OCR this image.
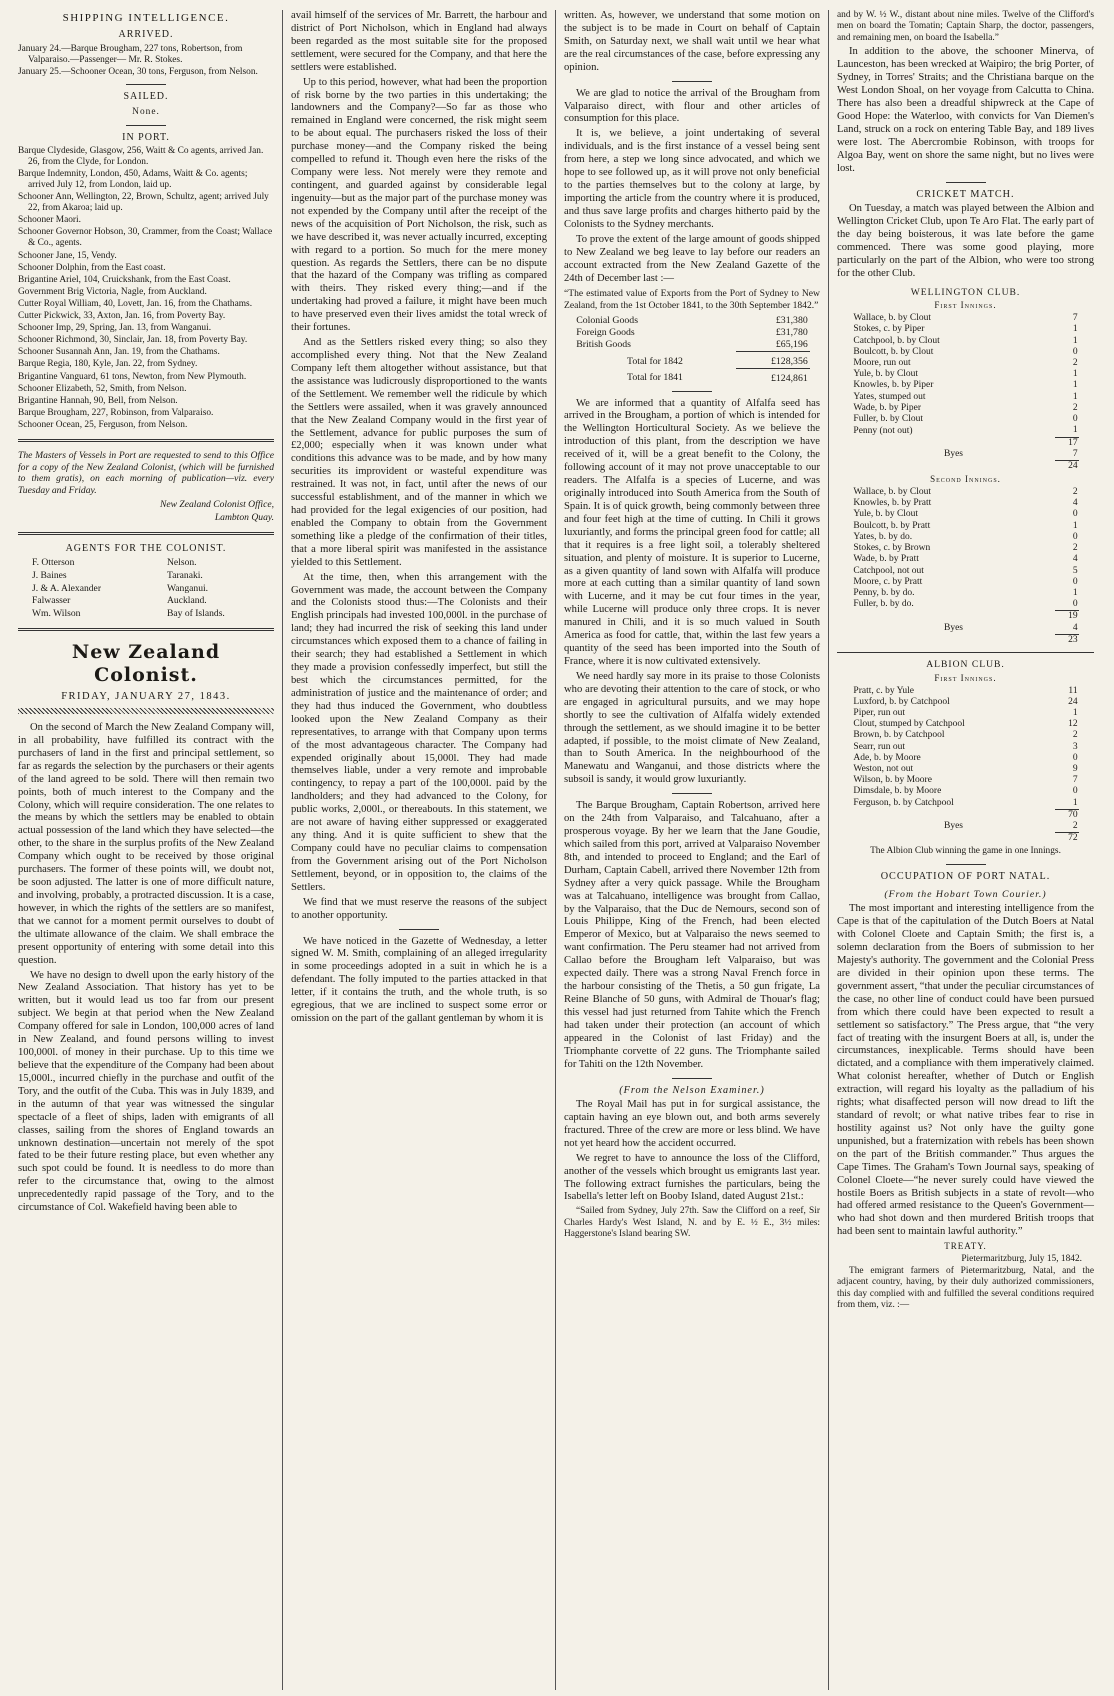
SHIPPING INTELLIGENCE.
ARRIVED.
January 24.—Barque Brougham, 227 tons, Robertson, from Valparaiso.—Passenger— Mr. R. Stokes.
January 25.—Schooner Ocean, 30 tons, Ferguson, from Nelson.
SAILED.
None.
IN PORT.
Barque Clydeside, Glasgow, 256, Waitt & Co agents, arrived Jan. 26, from the Clyde, for London.
Barque Indemnity, London, 450, Adams, Waitt & Co. agents; arrived July 12, from London, laid up.
Schooner Ann, Wellington, 22, Brown, Schultz, agent; arrived July 22, from Akaroa; laid up.
Schooner Maori.
Schooner Governor Hobson, 30, Crammer, from the Coast; Wallace & Co., agents.
Schooner Jane, 15, Vendy.
Schooner Dolphin, from the East coast.
Brigantine Ariel, 104, Cruickshank, from the East Coast.
Government Brig Victoria, Nagle, from Auckland.
Cutter Royal William, 40, Lovett, Jan. 16, from the Chathams.
Cutter Pickwick, 33, Axton, Jan. 16, from Poverty Bay.
Schooner Imp, 29, Spring, Jan. 13, from Wanganui.
Schooner Richmond, 30, Sinclair, Jan. 18, from Poverty Bay.
Schooner Susannah Ann, Jan. 19, from the Chathams.
Barque Regia, 180, Kyle, Jan. 22, from Sydney.
Brigantine Vanguard, 61 tons, Newton, from New Plymouth.
Schooner Elizabeth, 52, Smith, from Nelson.
Brigantine Hannah, 90, Bell, from Nelson.
Barque Brougham, 227, Robinson, from Valparaiso.
Schooner Ocean, 25, Ferguson, from Nelson.
The Masters of Vessels in Port are requested to send to this Office for a copy of the New Zealand Colonist, (which will be furnished to them gratis), on each morning of publication—viz. every Tuesday and Friday.
New Zealand Colonist Office,
Lambton Quay.
AGENTS FOR THE COLONIST.
F. Otterson	Nelson.
J. Baines	Taranaki.
J. & A. Alexander	Wanganui.
Falwasser	Auckland.
Wm. Wilson	Bay of Islands.
New Zealand Colonist.
FRIDAY, JANUARY 27, 1843.

On the second of March the New Zealand Company will, in all probability, have fulfilled its contract with the purchasers of land in the first and principal settlement, so far as regards the selection by the purchasers or their agents of the land agreed to be sold. There will then remain two points, both of much interest to the Company and the Colony, which will require consideration. The one relates to the means by which the settlers may be enabled to obtain actual possession of the land which they have selected—the other, to the share in the surplus profits of the New Zealand Company which ought to be received by those original purchasers. The former of these points will, we doubt not, be soon adjusted. The latter is one of more difficult nature, and involving, probably, a protracted discussion. It is a case, however, in which the rights of the settlers are so manifest, that we cannot for a moment permit ourselves to doubt of the ultimate allowance of the claim. We shall embrace the present opportunity of entering with some detail into this question.

We have no design to dwell upon the early history of the New Zealand Association. That history has yet to be written, but it would lead us too far from our present subject. We begin at that period when the New Zealand Company offered for sale in London, 100,000 acres of land in New Zealand, and found persons willing to invest 100,000l. of money in their purchase. Up to this time we believe that the expenditure of the Company had been about 15,000l., incurred chiefly in the purchase and outfit of the Tory, and the outfit of the Cuba. This was in July 1839, and in the autumn of that year was witnessed the singular spectacle of a fleet of ships, laden with emigrants of all classes, sailing from the shores of England towards an unknown destination—uncertain not merely of the spot fated to be their future resting place, but even whether any such spot could be found. It is needless to do more than refer to the circumstance that, owing to the almost unprecedentedly rapid passage of the Tory, and to the circumstance of Col. Wakefield having been able to

avail himself of the services of Mr. Barrett, the harbour and district of Port Nicholson, which in England had always been regarded as the most suitable site for the proposed settlement, were secured for the Company, and that here the settlers were established.

Up to this period, however, what had been the proportion of risk borne by the two parties in this undertaking; the landowners and the Company?—So far as those who remained in England were concerned, the risk might seem to be about equal. The purchasers risked the loss of their purchase money—and the Company risked the being compelled to refund it. Though even here the risks of the Company were less. Not merely were they remote and contingent, and guarded against by considerable legal ingenuity—but as the major part of the purchase money was not expended by the Company until after the receipt of the news of the acquisition of Port Nicholson, the risk, such as we have described it, was never actually incurred, excepting with regard to a portion. So much for the mere money question. As regards the Settlers, there can be no dispute that the hazard of the Company was trifling as compared with theirs. They risked every thing;—and if the undertaking had proved a failure, it might have been much to have preserved even their lives amidst the total wreck of their fortunes.

And as the Settlers risked every thing; so also they accomplished every thing. Not that the New Zealand Company left them altogether without assistance, but that the assistance was ludicrously disproportioned to the wants of the Settlement. We remember well the ridicule by which the Settlers were assailed, when it was gravely announced that the New Zealand Company would in the first year of the Settlement, advance for public purposes the sum of £2,000; especially when it was known under what conditions this advance was to be made, and by how many securities its improvident or wasteful expenditure was restrained. It was not, in fact, until after the news of our successful establishment, and of the manner in which we had provided for the legal exigencies of our position, had enabled the Company to obtain from the Government something like a pledge of the confirmation of their titles, that a more liberal spirit was manifested in the assistance yielded to this Settlement.

At the time, then, when this arrangement with the Government was made, the account between the Company and the Colonists stood thus:—The Colonists and their English principals had invested 100,000l. in the purchase of land; they had incurred the risk of seeking this land under circumstances which exposed them to a chance of failing in their search; they had established a Settlement in which they made a provision confessedly imperfect, but still the best which the circumstances permitted, for the administration of justice and the maintenance of order; and they had thus induced the Government, who doubtless looked upon the New Zealand Company as their representatives, to arrange with that Company upon terms of the most advantageous character. The Company had expended originally about 15,000l. They had made themselves liable, under a very remote and improbable contingency, to repay a part of the 100,000l. paid by the landholders; and they had advanced to the Colony, for public works, 2,000l., or thereabouts. In this statement, we are not aware of having either suppressed or exaggerated any thing. And it is quite sufficient to shew that the Company could have no peculiar claims to compensation from the Government arising out of the Port Nicholson Settlement, beyond, or in opposition to, the claims of the Settlers.

We find that we must reserve the reasons of the subject to another opportunity.

We have noticed in the Gazette of Wednesday, a letter signed W. M. Smith, complaining of an alleged irregularity in some proceedings adopted in a suit in which he is a defendant. The folly imputed to the parties attacked in that letter, if it contains the truth, and the whole truth, is so egregious, that we are inclined to suspect some error or omission on the part of the gallant gentleman by whom it is

written. As, however, we understand that some motion on the subject is to be made in Court on behalf of Captain Smith, on Saturday next, we shall wait until we hear what are the real circumstances of the case, before expressing any opinion.

We are glad to notice the arrival of the Brougham from Valparaiso direct, with flour and other articles of consumption for this place.

It is, we believe, a joint undertaking of several individuals, and is the first instance of a vessel being sent from here, a step we long since advocated, and which we hope to see followed up, as it will prove not only beneficial to the parties themselves but to the colony at large, by importing the article from the country where it is produced, and thus save large profits and charges hitherto paid by the Colonists to the Sydney merchants.

To prove the extent of the large amount of goods shipped to New Zealand we beg leave to lay before our readers an account extracted from the New Zealand Gazette of the 24th of December last :—

“The estimated value of Exports from the Port of Sydney to New Zealand, from the 1st October 1841, to the 30th September 1842.”
Colonial Goods	£31,380
Foreign Goods	£31,780
British Goods	£65,196
Total for 1842	£128,356
Total for 1841	£124,861

We are informed that a quantity of Alfalfa seed has arrived in the Brougham, a portion of which is intended for the Wellington Horticultural Society. As we believe the introduction of this plant, from the description we have received of it, will be a great benefit to the Colony, the following account of it may not prove unacceptable to our readers. The Alfalfa is a species of Lucerne, and was originally introduced into South America from the South of Spain. It is of quick growth, being commonly between three and four feet high at the time of cutting. In Chili it grows luxuriantly, and forms the principal green food for cattle; all that it requires is a free light soil, a tolerably sheltered situation, and plenty of moisture. It is superior to Lucerne, as a given quantity of land sown with Alfalfa will produce more at each cutting than a similar quantity of land sown with Lucerne, and it may be cut four times in the year, while Lucerne will produce only three crops. It is never manured in Chili, and it is so much valued in South America as food for cattle, that, within the last few years a quantity of the seed has been imported into the South of France, where it is now cultivated extensively.

We need hardly say more in its praise to those Colonists who are devoting their attention to the care of stock, or who are engaged in agricultural pursuits, and we may hope shortly to see the cultivation of Alfalfa widely extended through the settlement, as we should imagine it to be better adapted, if possible, to the moist climate of New Zealand, than to South America. In the neighbourhood of the Manewatu and Wanganui, and those districts where the subsoil is sandy, it would grow luxuriantly.

The Barque Brougham, Captain Robertson, arrived here on the 24th from Valparaiso, and Talcahuano, after a prosperous voyage. By her we learn that the Jane Goudie, which sailed from this port, arrived at Valparaiso November 8th, and intended to proceed to England; and the Earl of Durham, Captain Cabell, arrived there November 12th from Sydney after a very quick passage. While the Brougham was at Talcahuano, intelligence was brought from Callao, by the Valparaiso, that the Duc de Nemours, second son of Louis Philippe, King of the French, had been elected Emperor of Mexico, but at Valparaiso the news seemed to want confirmation. The Peru steamer had not arrived from Callao before the Brougham left Valparaiso, but was expected daily. There was a strong Naval French force in the harbour consisting of the Thetis, a 50 gun frigate, La Reine Blanche of 50 guns, with Admiral de Thouar's flag; this vessel had just returned from Tahite which the French had taken under their protection (an account of which appeared in the Colonist of last Friday) and the Triomphante corvette of 22 guns. The Triomphante sailed for Tahiti on the 12th November.

(From the Nelson Examiner.)

The Royal Mail has put in for surgical assistance, the captain having an eye blown out, and both arms severely fractured. Three of the crew are more or less blind. We have not yet heard how the accident occurred.

We regret to have to announce the loss of the Clifford, another of the vessels which brought us emigrants last year. The following extract furnishes the particulars, being the Isabella's letter left on Booby Island, dated August 21st.:

“Sailed from Sydney, July 27th. Saw the Clifford on a reef, Sir Charles Hardy's West Island, N. and by E. ½ E., 3½ miles: Haggerstone's Island bearing SW.

and by W. ½ W., distant about nine miles. Twelve of the Clifford's men on board the Tomatin; Captain Sharp, the doctor, passengers, and remaining men, on board the Isabella.”

In addition to the above, the schooner Minerva, of Launceston, has been wrecked at Waipiro; the brig Porter, of Sydney, in Torres' Straits; and the Christiana barque on the West London Shoal, on her voyage from Calcutta to China. There has also been a dreadful shipwreck at the Cape of Good Hope: the Waterloo, with convicts for Van Diemen's Land, struck on a rock on entering Table Bay, and 189 lives were lost. The Abercrombie Robinson, with troops for Algoa Bay, went on shore the same night, but no lives were lost.

CRICKET MATCH.

On Tuesday, a match was played between the Albion and Wellington Cricket Club, upon Te Aro Flat. The early part of the day being boisterous, it was late before the game commenced. There was some good playing, more particularly on the part of the Albion, who were too strong for the other Club.

WELLINGTON CLUB.
First Innings.
Wallace, b. by Clout	7
Stokes, c. by Piper	1
Catchpool, b. by Clout	1
Boulcott, b. by Clout	0
Moore, run out	2
Yule, b. by Clout	1
Knowles, b. by Piper	1
Yates, stumped out	1
Wade, b. by Piper	2
Fuller, b. by Clout	0
Penny (not out)	1
	17
Byes	7
	24
Second Innings.
Wallace, b. by Clout	2
Knowles, b. by Pratt	4
Yule, b. by Clout	0
Boulcott, b. by Pratt	1
Yates, b. by do.	0
Stokes, c. by Brown	2
Wade, b. by Pratt	4
Catchpool, not out	5
Moore, c. by Pratt	0
Penny, b. by do.	1
Fuller, b. by do.	0
	19
Byes	4
	23
ALBION CLUB.
First Innings.
Pratt, c. by Yule	11
Luxford, b. by Catchpool	24
Piper, run out	1
Clout, stumped by Catchpool	12
Brown, b. by Catchpool	2
Searr, run out	3
Ade, b. by Moore	0
Weston, not out	9
Wilson, b. by Moore	7
Dimsdale, b. by Moore	0
Ferguson, b. by Catchpool	1
	70
Byes	2
	72
The Albion Club winning the game in one Innings.
OCCUPATION OF PORT NATAL.
(From the Hobart Town Courier.)

The most important and interesting intelligence from the Cape is that of the capitulation of the Dutch Boers at Natal with Colonel Cloete and Captain Smith; the first is, a solemn declaration from the Boers of submission to her Majesty's authority. The government and the Colonial Press are divided in their opinion upon these terms. The government assert, “that under the peculiar circumstances of the case, no other line of conduct could have been pursued from which there could have been expected to result a settlement so satisfactory.” The Press argue, that “the very fact of treating with the insurgent Boers at all, is, under the circumstances, inexplicable. Terms should have been dictated, and a compliance with them imperatively claimed. What colonist hereafter, whether of Dutch or English extraction, will regard his loyalty as the palladium of his rights; what disaffected person will now dread to lift the standard of revolt; or what native tribes fear to rise in hostility against us? Not only have the guilty gone unpunished, but a fraternization with rebels has been shown on the part of the British commander.” Thus argues the Cape Times. The Graham's Town Journal says, speaking of Colonel Cloete—“he never surely could have viewed the hostile Boers as British subjects in a state of revolt—who had offered armed resistance to the Queen's Government—who had shot down and then murdered British troops that had been sent to maintain lawful authority.”

TREATY.
Pietermaritzburg, July 15, 1842.

The emigrant farmers of Pietermaritzburg, Natal, and the adjacent country, having, by their duly authorized commissioners, this day complied with and fulfilled the several conditions required from them, viz. :—
